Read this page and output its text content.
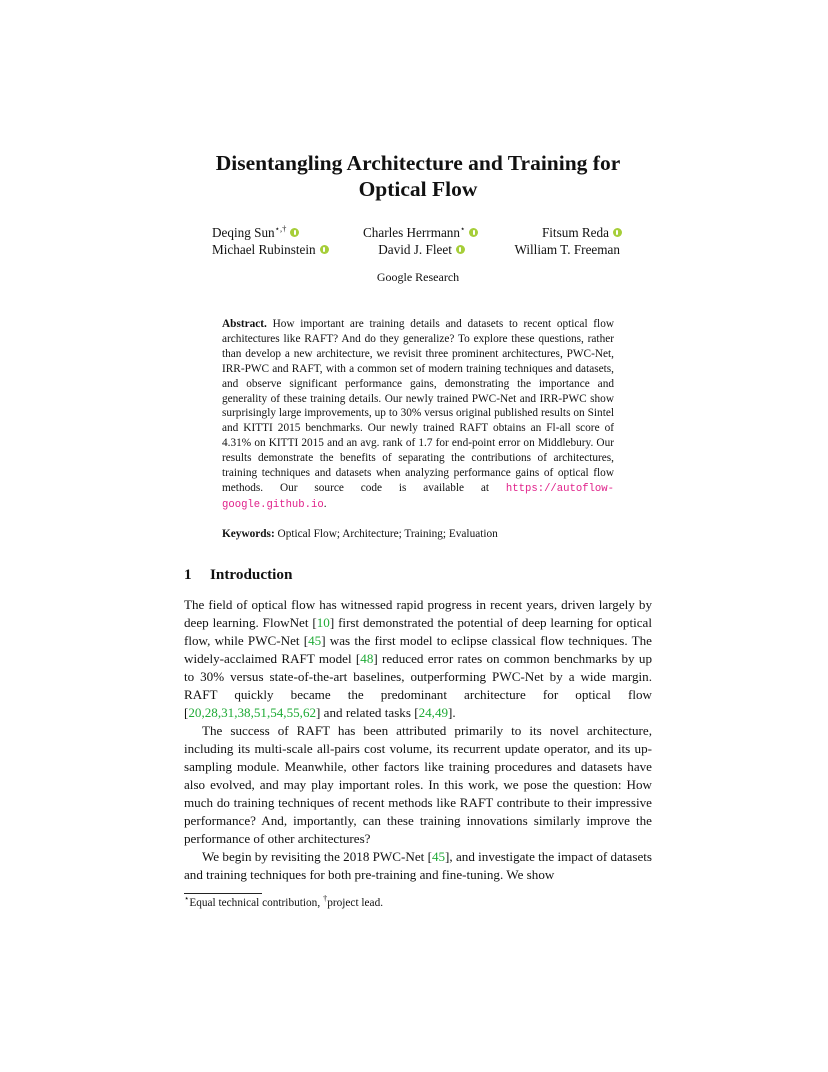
Disentangling Architecture and Training for
Optical Flow
Deqing Sun⋆,†	Charles Herrmann⋆	Fitsum Reda
Michael Rubinstein	David J. Fleet	William T. Freeman
Google Research
Abstract. How important are training details and datasets to recent optical flow architectures like RAFT? And do they generalize? To explore these questions, rather than develop a new architecture, we revisit three prominent architectures, PWC-Net, IRR-PWC and RAFT, with a common set of modern training techniques and datasets, and observe significant performance gains, demonstrating the importance and generality of these training details. Our newly trained PWC-Net and IRR-PWC show surprisingly large improvements, up to 30% versus original published results on Sintel and KITTI 2015 benchmarks. Our newly trained RAFT obtains an Fl-all score of 4.31% on KITTI 2015 and an avg. rank of 1.7 for end-point error on Middlebury. Our results demonstrate the benefits of separating the contributions of architectures, training techniques and datasets when analyzing performance gains of optical flow methods. Our source code is available at https://autoflow-google.github.io.
Keywords: Optical Flow; Architecture; Training; Evaluation
1	Introduction

The field of optical flow has witnessed rapid progress in recent years, driven largely by deep learning. FlowNet [10] first demonstrated the potential of deep learning for optical flow, while PWC-Net [45] was the first model to eclipse classical flow techniques. The widely-acclaimed RAFT model [48] reduced error rates on common benchmarks by up to 30% versus state-of-the-art baselines, outperforming PWC-Net by a wide margin. RAFT quickly became the predominant architecture for optical flow [20,28,31,38,51,54,55,62] and related tasks [24,49].

The success of RAFT has been attributed primarily to its novel architecture, including its multi-scale all-pairs cost volume, its recurrent update operator, and its up-sampling module. Meanwhile, other factors like training procedures and datasets have also evolved, and may play important roles. In this work, we pose the question: How much do training techniques of recent methods like RAFT contribute to their impressive performance? And, importantly, can these training innovations similarly improve the performance of other architectures?

We begin by revisiting the 2018 PWC-Net [45], and investigate the impact of datasets and training techniques for both pre-training and fine-tuning. We show

⋆Equal technical contribution, †project lead.
